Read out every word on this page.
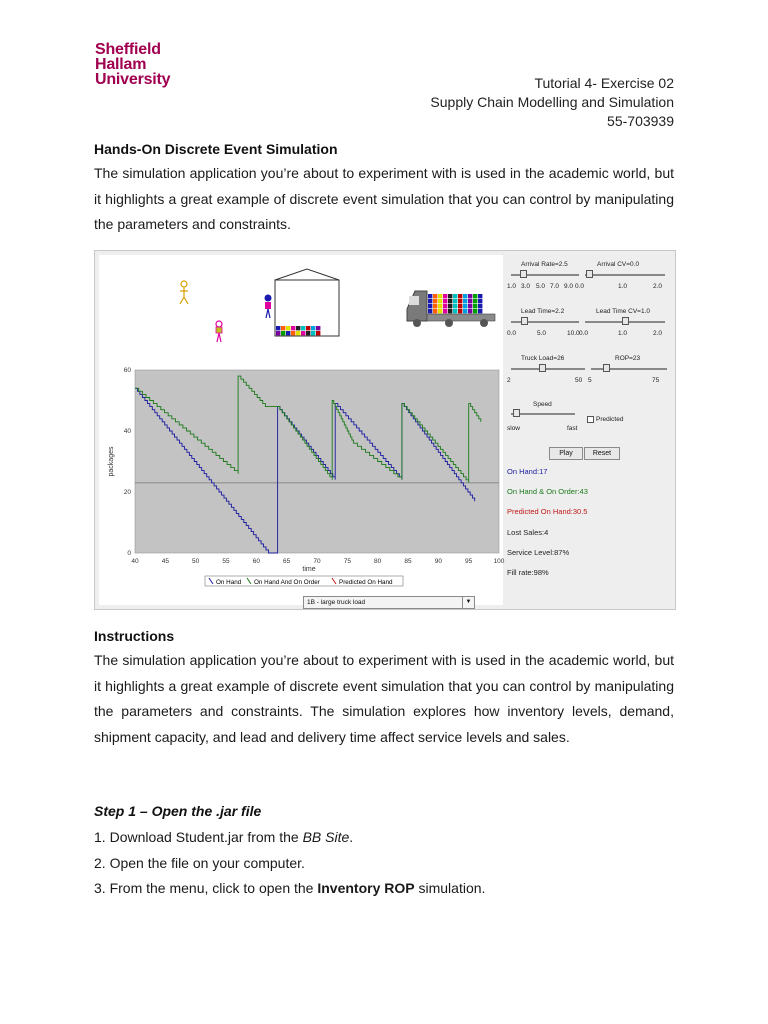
Sheffield
Hallam
University	Tutorial 4- Exercise 02
Supply Chain Modelling and Simulation
55-703939
Hands-On Discrete Event Simulation
The simulation application you’re about to experiment with is used in the academic world, but it highlights a great example of discrete event simulation that you can control by manipulating the parameters and constraints.
40	45	50	55	60	65	70	75	80	85	90	95	100
0
20
40
60
time
packages
On Hand On Hand And On Order	Predicted On Hand
1B - large truck load	▼
Arrival Rate=2.5	Arrival CV=0.0
1.0 3.0 5.0 7.0 9.0 0.0	1.0	2.0
Lead Time=2.2	Lead Time CV=1.0
0.0	5.0	10.0 0.0	1.0	2.0
Truck Load=26	ROP=23
2	50 5	75
Speed
slow	fast
Predicted
Play	Reset
On Hand:17
On Hand & On Order:43
Predicted On Hand:30.5
Lost Sales:4
Service Level:87%
Fill rate:98%
Instructions
The simulation application you’re about to experiment with is used in the academic world, but it highlights a great example of discrete event simulation that you can control by manipulating the parameters and constraints. The simulation explores how inventory levels, demand, shipment capacity, and lead and delivery time affect service levels and sales.
Step 1 – Open the .jar file
1. Download Student.jar from the BB Site.
2. Open the file on your computer.
3. From the menu, click to open the Inventory ROP simulation.
